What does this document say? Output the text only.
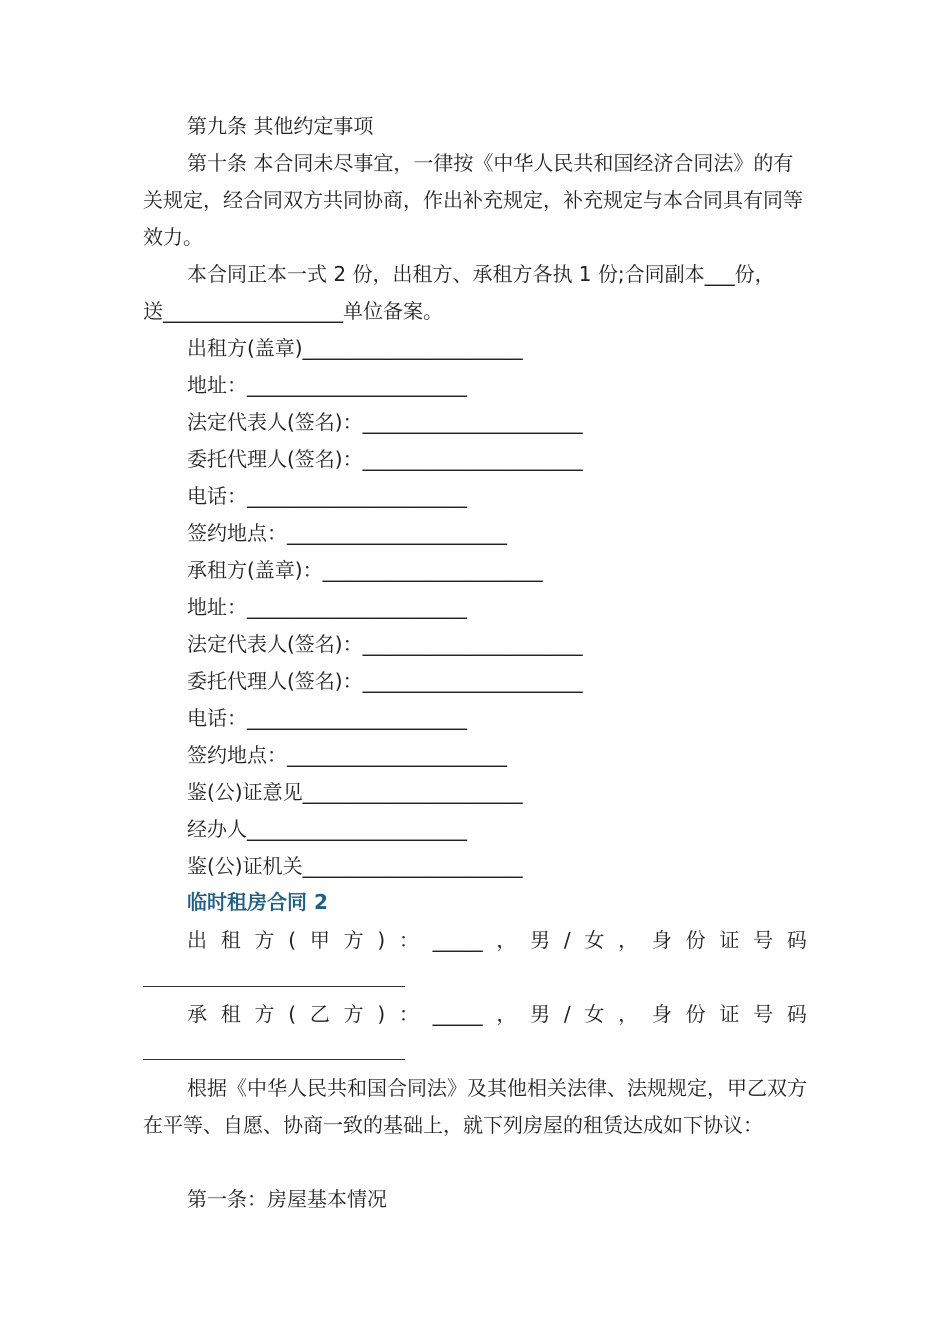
第九条 其他约定事项

第十条 本合同未尽事宜，一律按《中华人民共和国经济合同法》的有关规定，经合同双方共同协商，作出补充规定，补充规定与本合同具有同等效力。

本合同正本一式 2 份，出租方、承租方各执 1 份;合同副本___份，

送__________________单位备案。

出租方(盖章)______________________

地址：______________________

法定代表人(签名)：______________________

委托代理人(签名)：______________________

电话：______________________

签约地点：______________________

承租方(盖章)：______________________

地址：______________________

法定代表人(签名)：______________________

委托代理人(签名)：______________________

电话：______________________

签约地点：______________________

鉴(公)证意见______________________

经办人______________________

鉴(公)证机关______________________

临时租房合同 2

出 租 方 ( 甲 方 ) ： _____ ， 男 / 女 ， 身 份 证 号 码
承 租 方 ( 乙 方 ) ： _____ ， 男 / 女 ， 身 份 证 号 码

根据《中华人民共和国合同法》及其他相关法律、法规规定，甲乙双方在平等、自愿、协商一致的基础上，就下列房屋的租赁达成如下协议：

第一条：房屋基本情况
